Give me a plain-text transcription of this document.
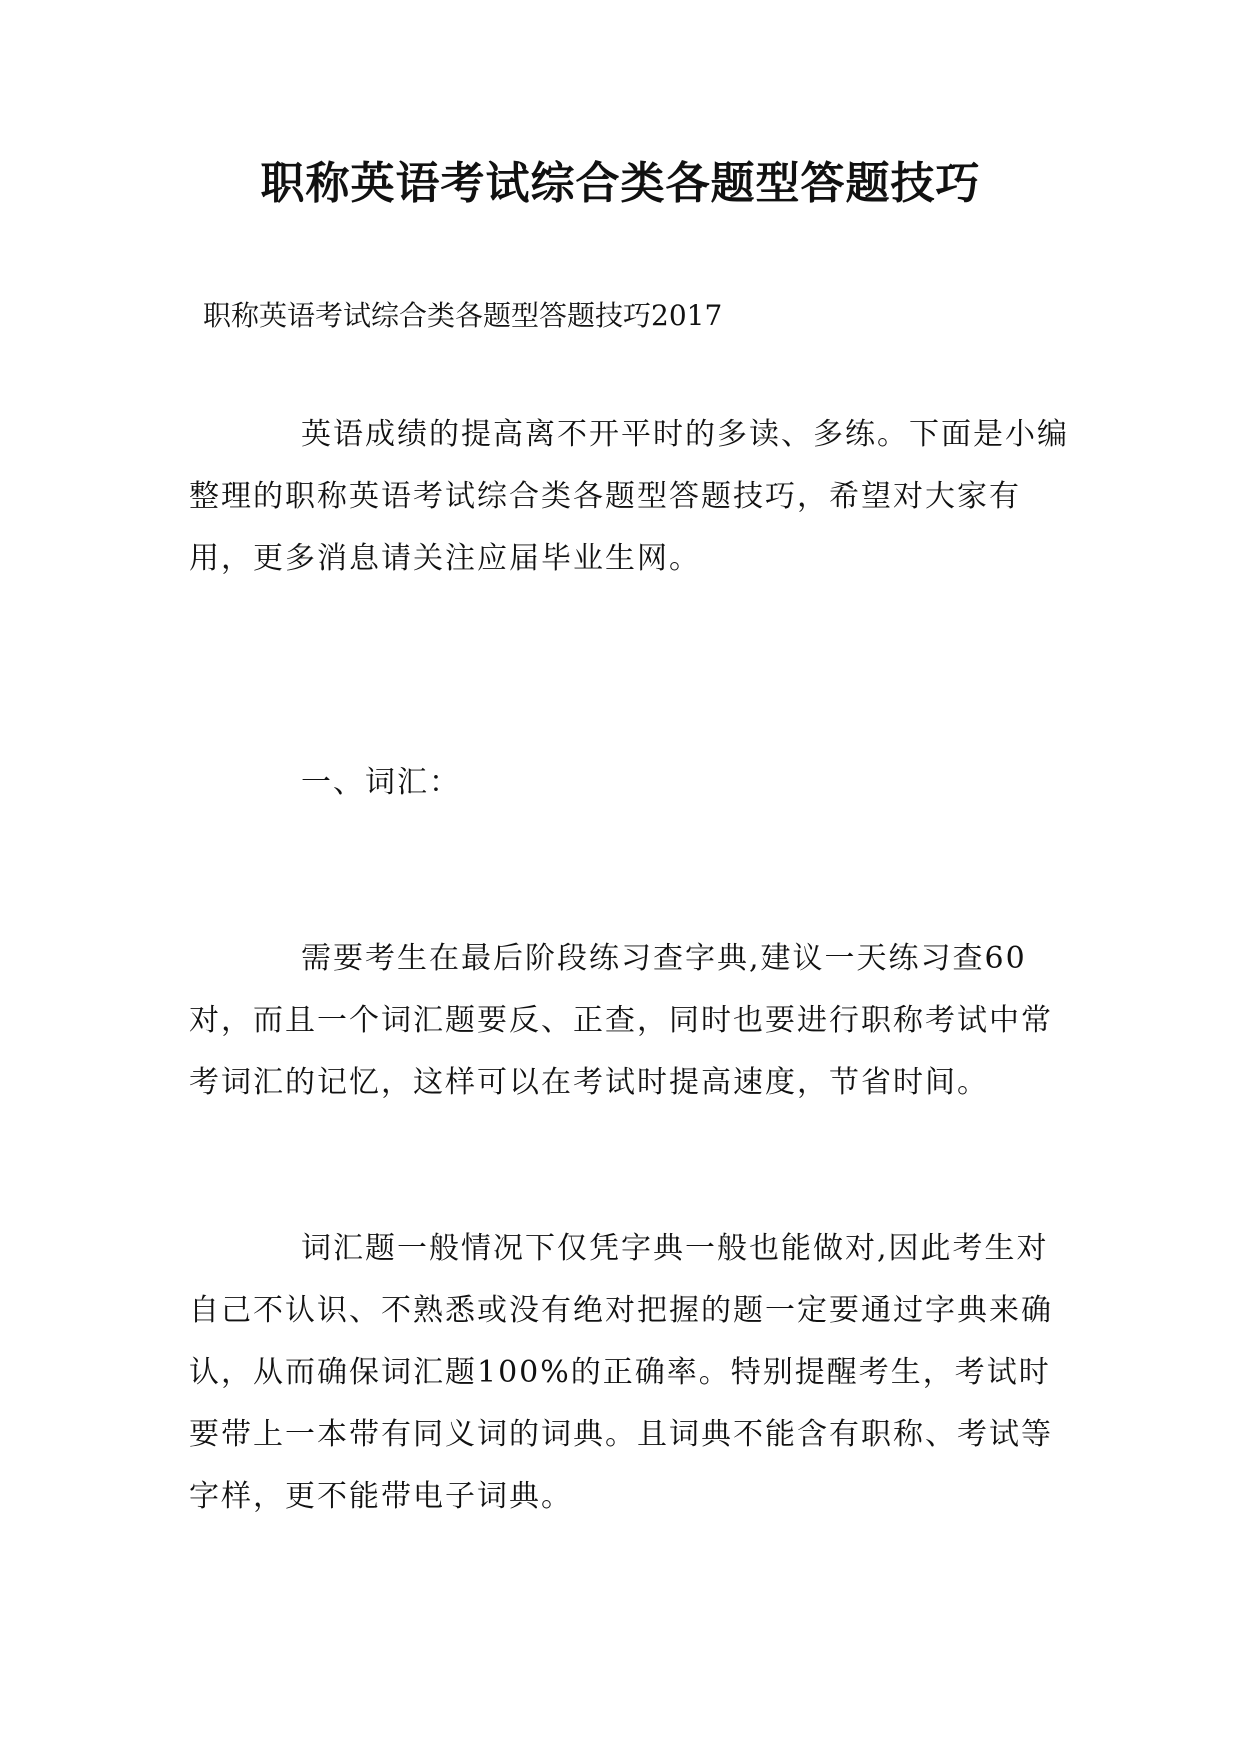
职称英语考试综合类各题型答题技巧

职称英语考试综合类各题型答题技巧2017

英语成绩的提高离不开平时的多读、多练。下面是小编整理的职称英语考试综合类各题型答题技巧，希望对大家有用，更多消息请关注应届毕业生网。

一、词汇：

需要考生在最后阶段练习查字典,建议一天练习查60对，而且一个词汇题要反、正查，同时也要进行职称考试中常考词汇的记忆，这样可以在考试时提高速度，节省时间。

词汇题一般情况下仅凭字典一般也能做对,因此考生对自己不认识、不熟悉或没有绝对把握的题一定要通过字典来确认，从而确保词汇题100%的正确率。特别提醒考生，考试时要带上一本带有同义词的词典。且词典不能含有职称、考试等字样，更不能带电子词典。
